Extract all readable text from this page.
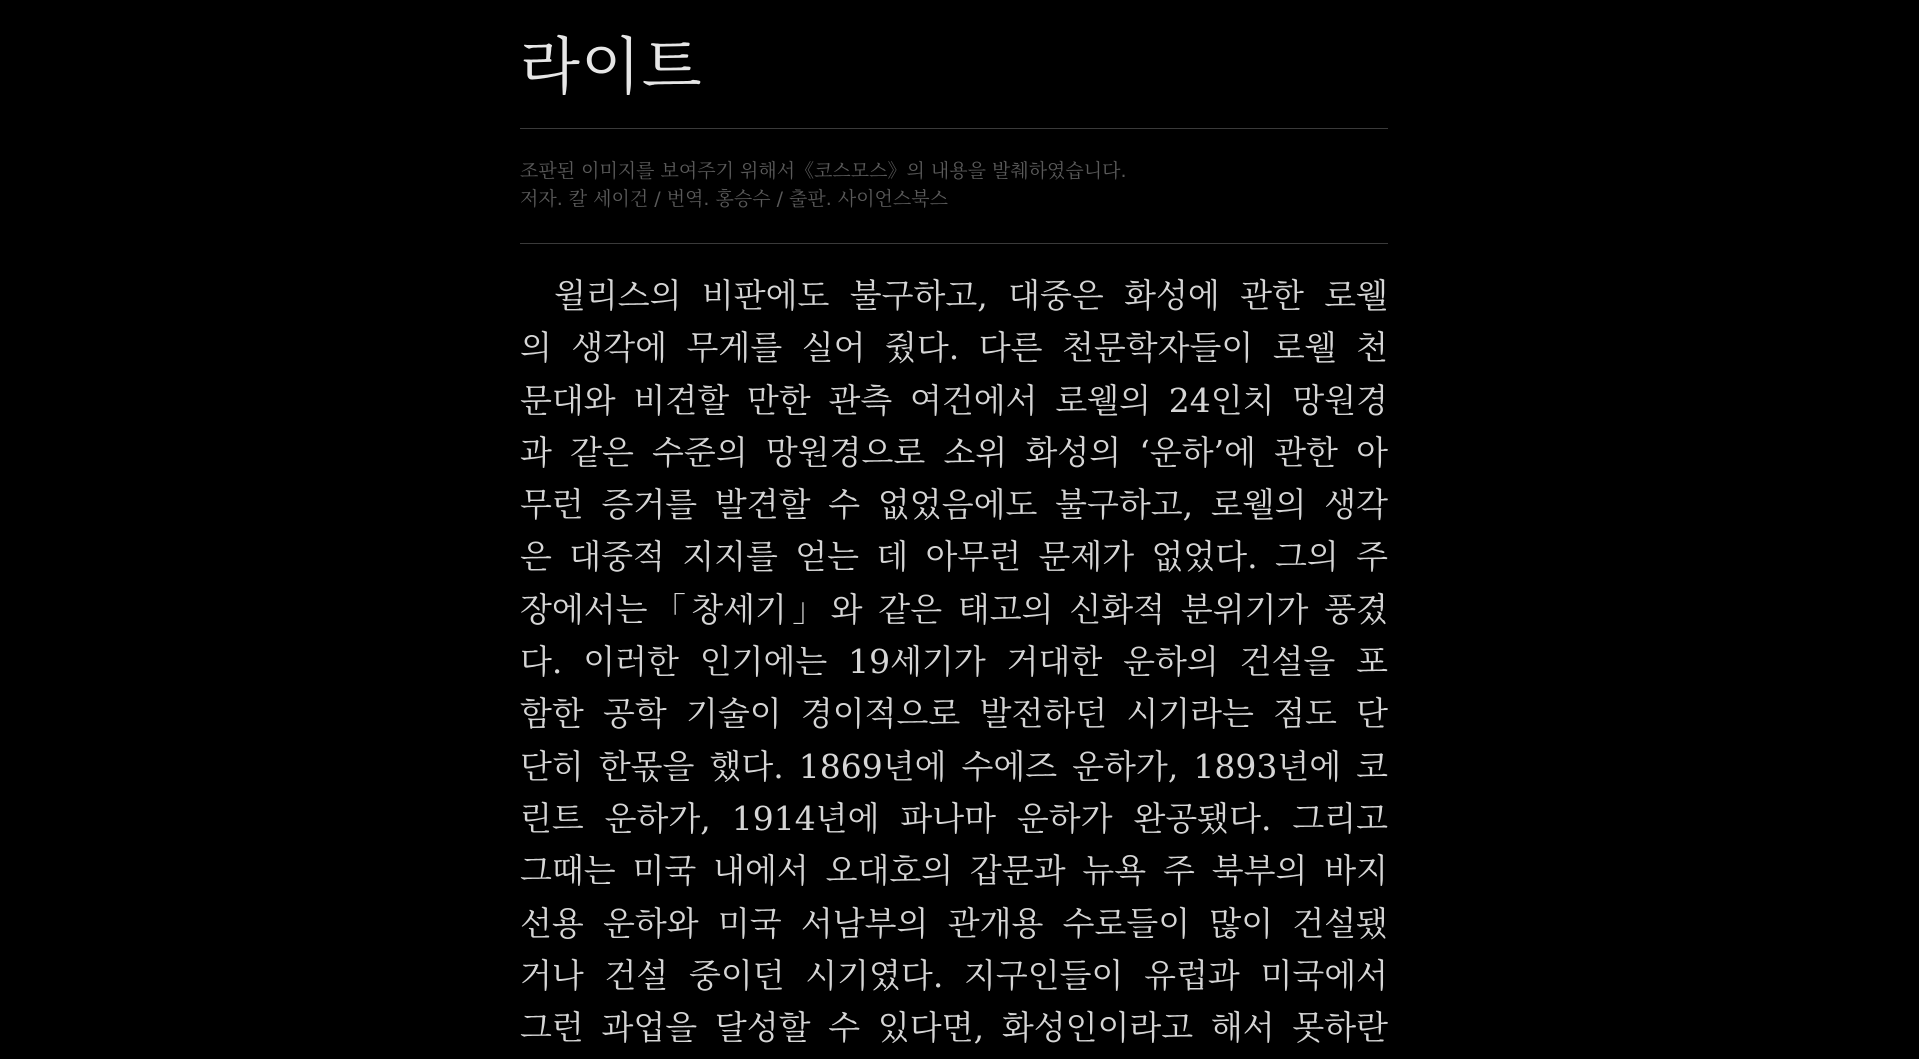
라이트
조판된 이미지를 보여주기 위해서《코스모스》의 내용을 발췌하였습니다.
저자. 칼 세이건 / 번역. 홍승수 / 출판. 사이언스북스
윌리스의 비판에도 불구하고, 대중은 화성에 관한 로웰
의 생각에 무게를 실어 줬다. 다른 천문학자들이 로웰 천
문대와 비견할 만한 관측 여건에서 로웰의 24인치 망원경
과 같은 수준의 망원경으로 소위 화성의 ‘운하’에 관한 아
무런 증거를 발견할 수 없었음에도 불구하고, 로웰의 생각
은 대중적 지지를 얻는 데 아무런 문제가 없었다. 그의 주
장에서는「창세기」와 같은 태고의 신화적 분위기가 풍겼
다. 이러한 인기에는 19세기가 거대한 운하의 건설을 포
함한 공학 기술이 경이적으로 발전하던 시기라는 점도 단
단히 한몫을 했다. 1869년에 수에즈 운하가, 1893년에 코
린트 운하가, 1914년에 파나마 운하가 완공됐다. 그리고
그때는 미국 내에서 오대호의 갑문과 뉴욕 주 북부의 바지
선용 운하와 미국 서남부의 관개용 수로들이 많이 건설됐
거나 건설 중이던 시기였다. 지구인들이 유럽과 미국에서
그런 과업을 달성할 수 있다면, 화성인이라고 해서 못하란
